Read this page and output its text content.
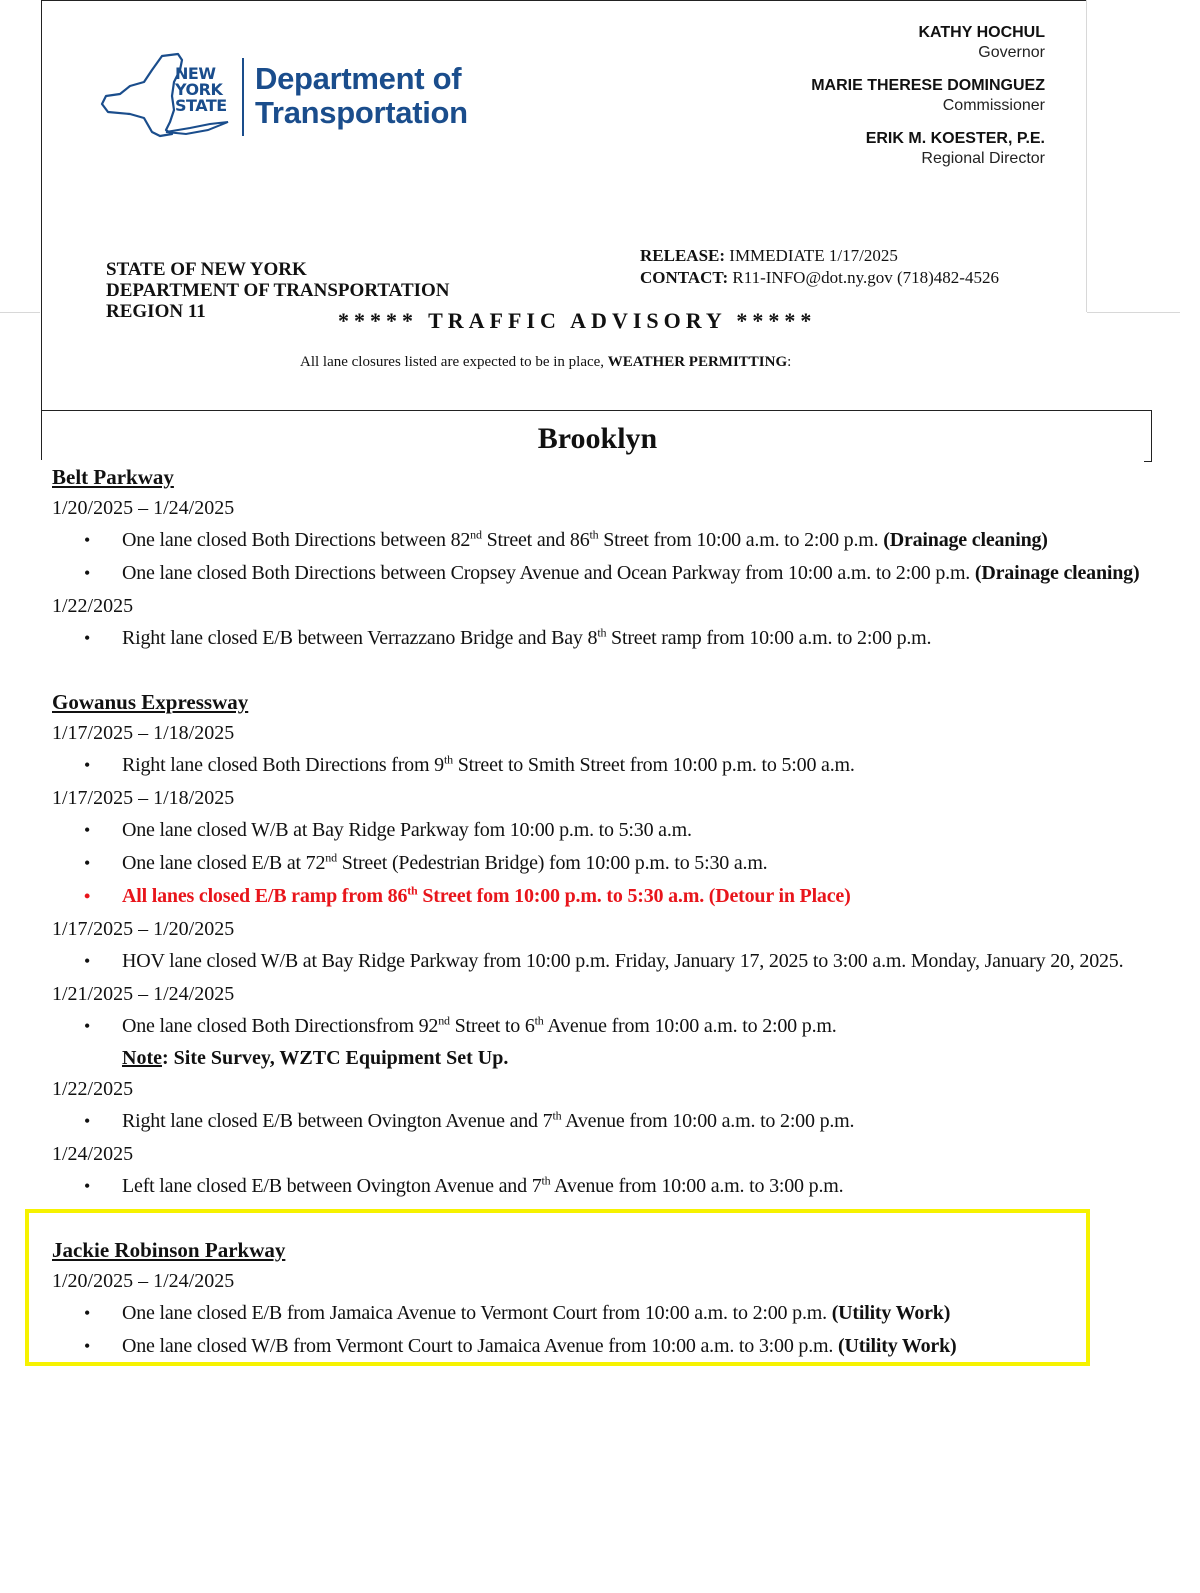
NEW
YORK
STATE
Department of
Transportation
KATHY HOCHUL
Governor
MARIE THERESE DOMINGUEZ
Commissioner
ERIK M. KOESTER, P.E.
Regional Director
STATE OF NEW YORK
DEPARTMENT OF TRANSPORTATION
REGION 11
RELEASE: IMMEDIATE 1/17/2025
CONTACT: R11-INFO@dot.ny.gov (718)482-4526
***** TRAFFIC ADVISORY *****
All lane closures listed are expected to be in place, WEATHER PERMITTING:
Brooklyn
Belt Parkway
1/20/2025 – 1/24/2025
• One lane closed Both Directions between 82nd Street and 86th Street from 10:00 a.m. to 2:00 p.m. (Drainage cleaning)
• One lane closed Both Directions between Cropsey Avenue and Ocean Parkway from 10:00 a.m. to 2:00 p.m. (Drainage cleaning)
1/22/2025
• Right lane closed E/B between Verrazzano Bridge and Bay 8th Street ramp from 10:00 a.m. to 2:00 p.m.
Gowanus Expressway
1/17/2025 – 1/18/2025
• Right lane closed Both Directions from 9th Street to Smith Street from 10:00 p.m. to 5:00 a.m.
1/17/2025 – 1/18/2025
• One lane closed W/B at Bay Ridge Parkway fom 10:00 p.m. to 5:30 a.m.
• One lane closed E/B at 72nd Street (Pedestrian Bridge) fom 10:00 p.m. to 5:30 a.m.
• All lanes closed E/B ramp from 86th Street fom 10:00 p.m. to 5:30 a.m. (Detour in Place)
1/17/2025 – 1/20/2025
• HOV lane closed W/B at Bay Ridge Parkway from 10:00 p.m. Friday, January 17, 2025 to 3:00 a.m. Monday, January 20, 2025.
1/21/2025 – 1/24/2025
• One lane closed Both Directionsfrom 92nd Street to 6th Avenue from 10:00 a.m. to 2:00 p.m.
Note: Site Survey, WZTC Equipment Set Up.
1/22/2025
• Right lane closed E/B between Ovington Avenue and 7th Avenue from 10:00 a.m. to 2:00 p.m.
1/24/2025
• Left lane closed E/B between Ovington Avenue and 7th Avenue from 10:00 a.m. to 3:00 p.m.
Jackie Robinson Parkway
1/20/2025 – 1/24/2025
• One lane closed E/B from Jamaica Avenue to Vermont Court from 10:00 a.m. to 2:00 p.m. (Utility Work)
• One lane closed W/B from Vermont Court to Jamaica Avenue from 10:00 a.m. to 3:00 p.m. (Utility Work)
